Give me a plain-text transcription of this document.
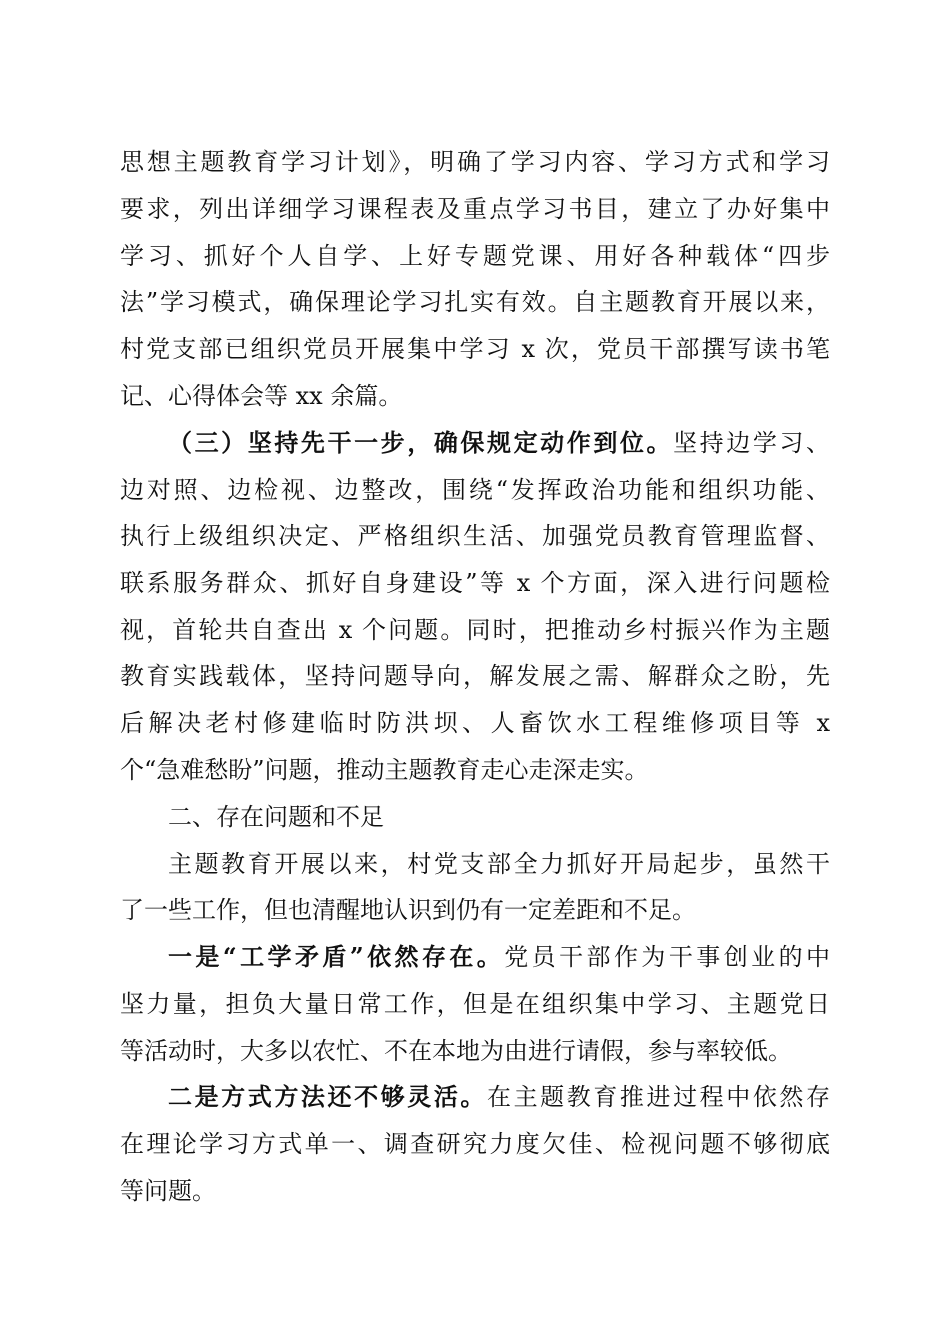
思想主题教育学习计划》，明确了学习内容、学习方式和学习
要求，列出详细学习课程表及重点学习书目，建立了办好集中
学习、抓好个人自学、上好专题党课、用好各种载体“四步
法”学习模式，确保理论学习扎实有效。自主题教育开展以来，
村党支部已组织党员开展集中学习 x 次，党员干部撰写读书笔
记、心得体会等 xx 余篇。
（三）坚持先干一步，确保规定动作到位。坚持边学习、
边对照、边检视、边整改，围绕“发挥政治功能和组织功能、
执行上级组织决定、严格组织生活、加强党员教育管理监督、
联系服务群众、抓好自身建设”等 x 个方面，深入进行问题检
视，首轮共自查出 x 个问题。同时，把推动乡村振兴作为主题
教育实践载体，坚持问题导向，解发展之需、解群众之盼，先
后解决老村修建临时防洪坝、人畜饮水工程维修项目等 x
个“急难愁盼”问题，推动主题教育走心走深走实。
二、存在问题和不足
主题教育开展以来，村党支部全力抓好开局起步，虽然干
了一些工作，但也清醒地认识到仍有一定差距和不足。
一是“工学矛盾”依然存在。党员干部作为干事创业的中
坚力量，担负大量日常工作，但是在组织集中学习、主题党日
等活动时，大多以农忙、不在本地为由进行请假，参与率较低。
二是方式方法还不够灵活。在主题教育推进过程中依然存
在理论学习方式单一、调查研究力度欠佳、检视问题不够彻底
等问题。
